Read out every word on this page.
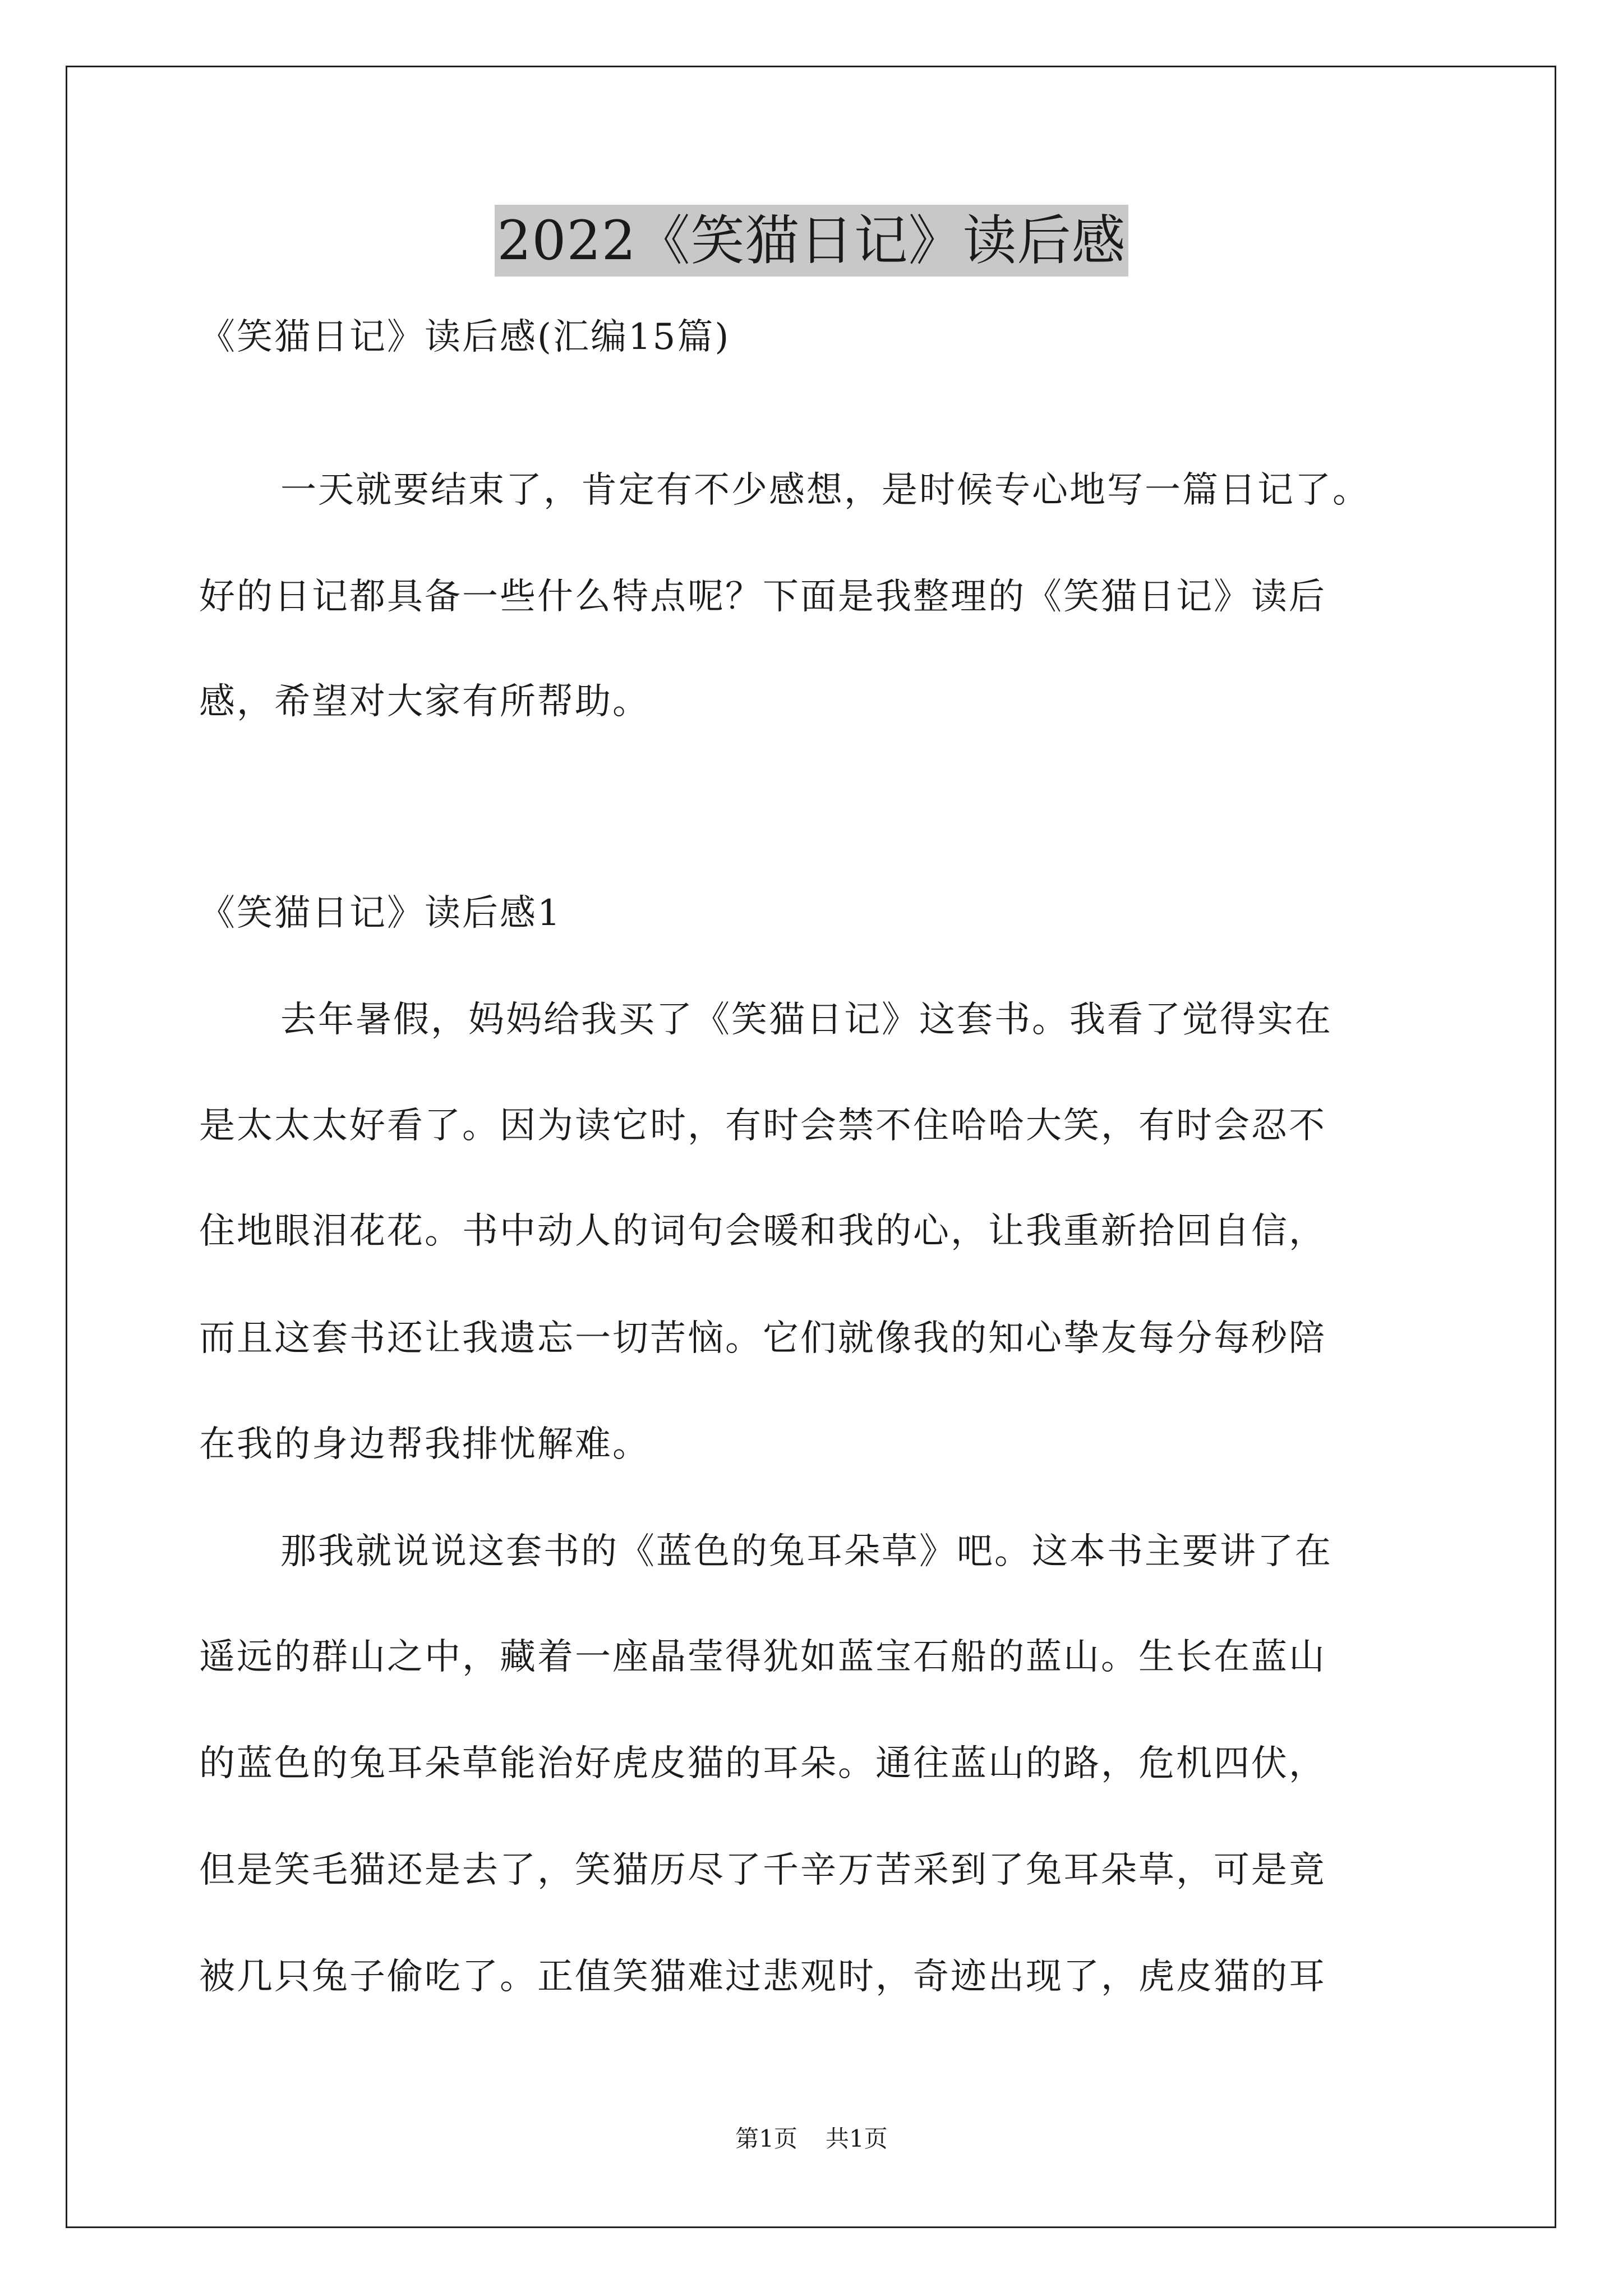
2022《笑猫日记》读后感
《笑猫日记》读后感(汇编15篇)
一天就要结束了，肯定有不少感想，是时候专心地写一篇日记了。
好的日记都具备一些什么特点呢？下面是我整理的《笑猫日记》读后
感，希望对大家有所帮助。
《笑猫日记》读后感1
去年暑假，妈妈给我买了《笑猫日记》这套书。我看了觉得实在
是太太太好看了。因为读它时，有时会禁不住哈哈大笑，有时会忍不
住地眼泪花花。书中动人的词句会暖和我的心，让我重新拾回自信，
而且这套书还让我遗忘一切苦恼。它们就像我的知心挚友每分每秒陪
在我的身边帮我排忧解难。
那我就说说这套书的《蓝色的兔耳朵草》吧。这本书主要讲了在
遥远的群山之中，藏着一座晶莹得犹如蓝宝石船的蓝山。生长在蓝山
的蓝色的兔耳朵草能治好虎皮猫的耳朵。通往蓝山的路，危机四伏，
但是笑毛猫还是去了，笑猫历尽了千辛万苦采到了兔耳朵草，可是竟
被几只兔子偷吃了。正值笑猫难过悲观时，奇迹出现了，虎皮猫的耳
第1页 共1页
